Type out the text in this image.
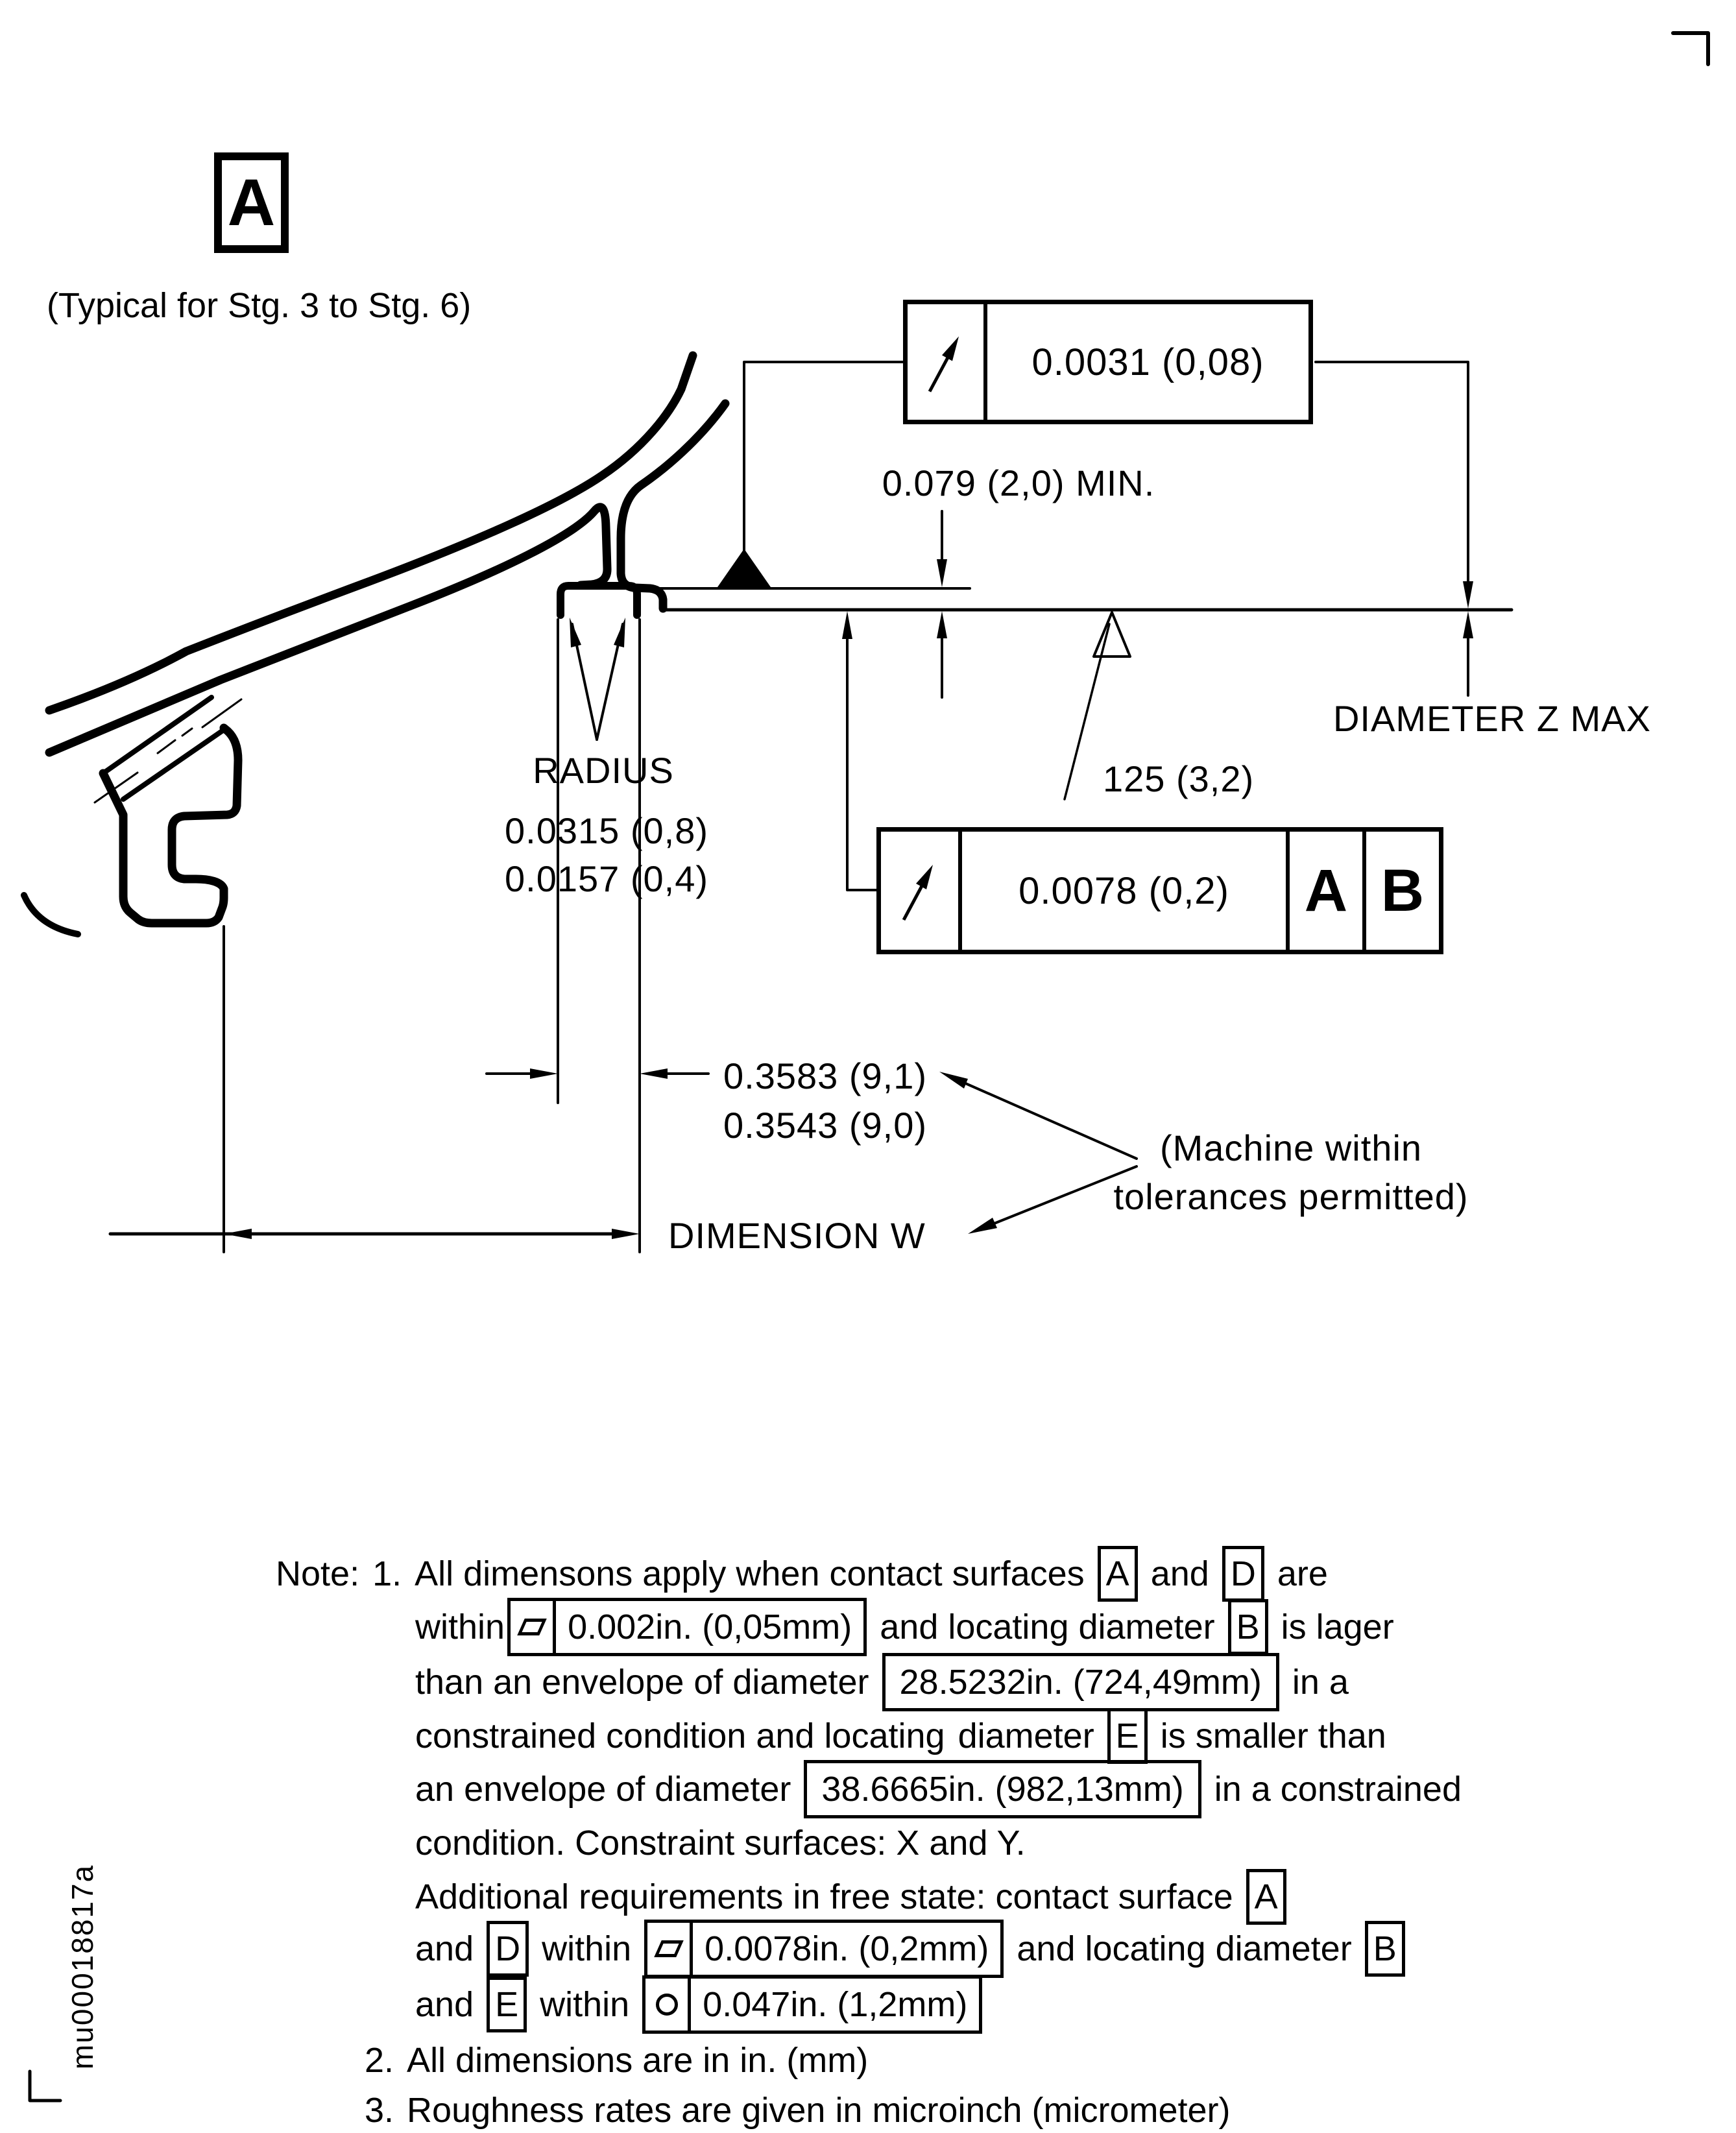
A
(Typical for Stg. 3 to Stg. 6)
0.0031 (0,08)
0.079 (2,0) MIN.
125 (3,2)
DIAMETER Z MAX
RADIUS
0.0315 (0,8)
0.0157 (0,4)	0.0078 (0,2)	A B
0.3583 (9,1)
0.3543 (9,0)
(Machine within
tolerances permitted)
DIMENSION W
Note: 1. All dimensons apply when contact surfaces A and D are
within	0.002in. (0,05mm) and locating diameter B is lager
than an envelope of diameter 28.5232in. (724,49mm) in a
constrained condition and locating diameter E is smaller than
an envelope of diameter 38.6665in. (982,13mm) in a constrained
condition. Constraint surfaces: X and Y.
Additional requirements in free state: contact surface A
and D within	0.0078in. (0,2mm) and locating diameter B
and E within	0.047in. (1,2mm)
2. All dimensions are in in. (mm)
3. Roughness rates are given in microinch (micrometer)
mu00018817a
